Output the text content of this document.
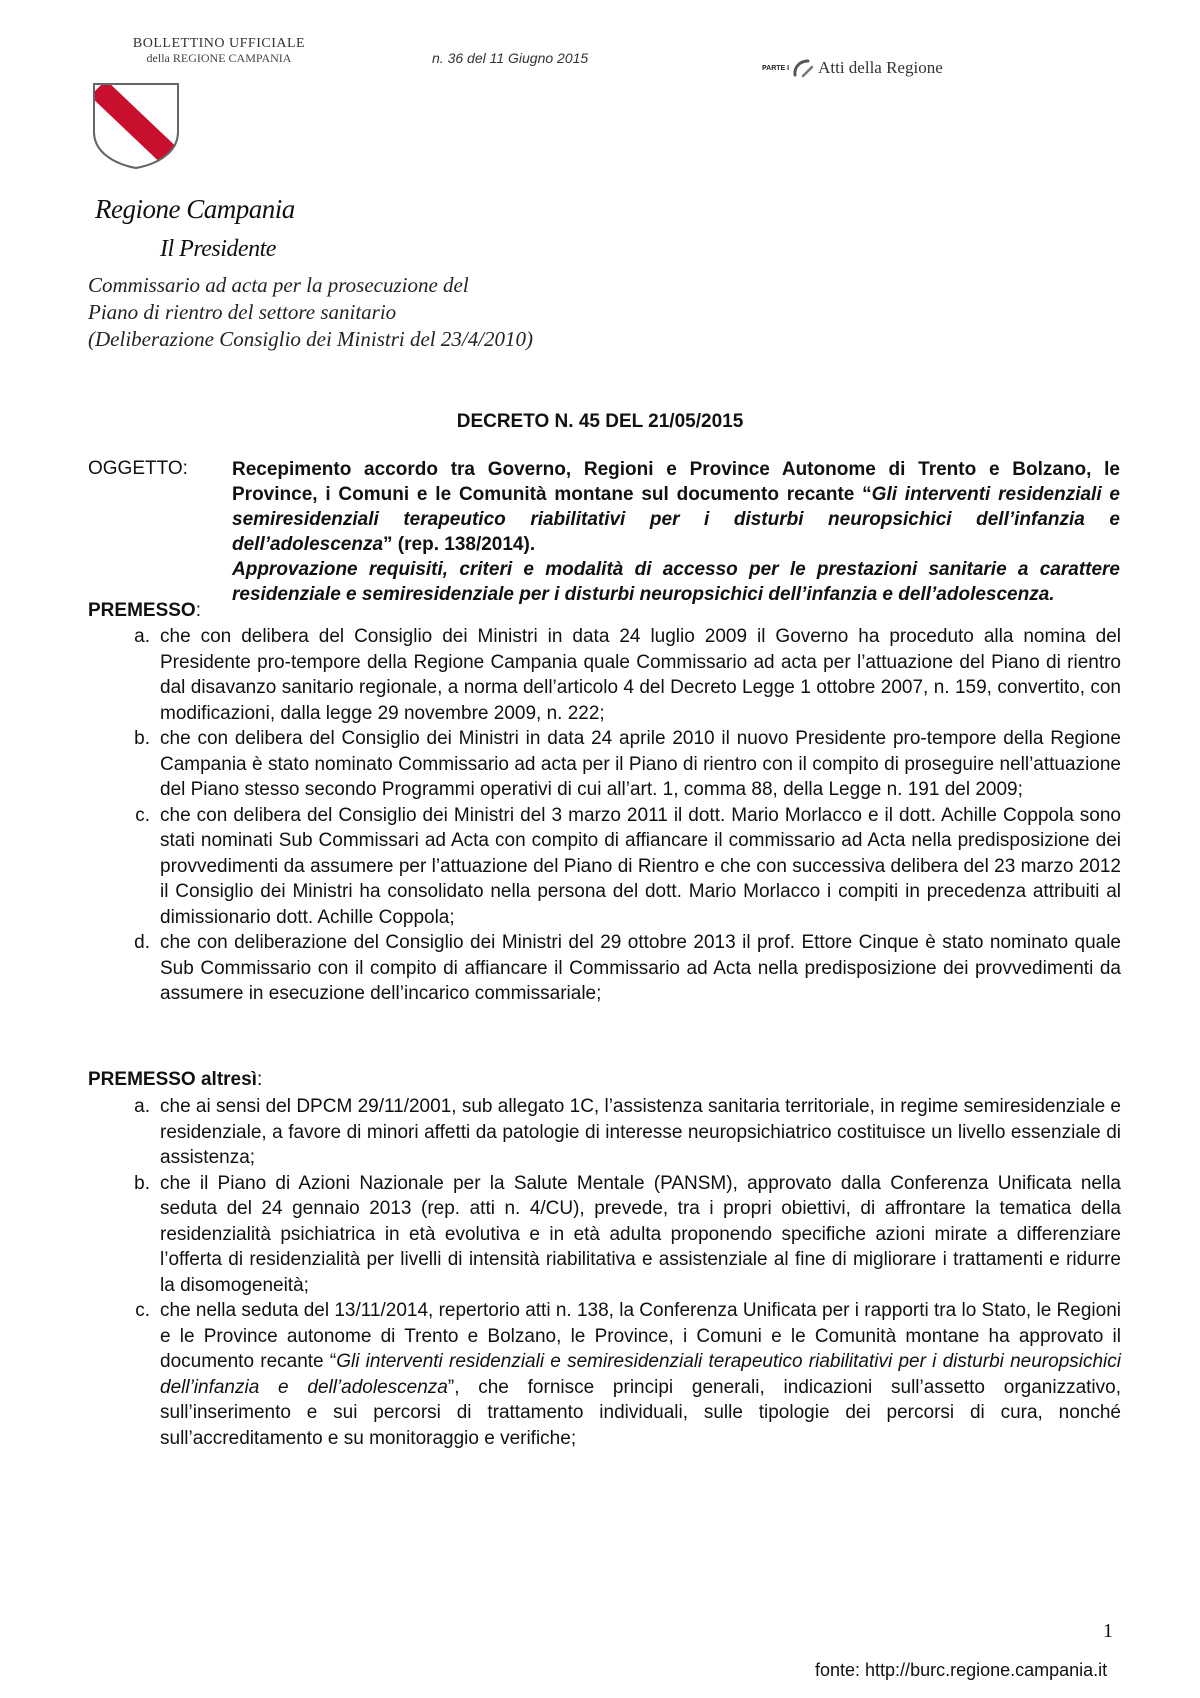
BOLLETTINO UFFICIALE
della REGIONE CAMPANIA	n. 36 del 11 Giugno 2015
PARTE I Atti della Regione
Regione Campania
Il Presidente
Commissario ad acta per la prosecuzione del
Piano di rientro del settore sanitario
(Deliberazione Consiglio dei Ministri del 23/4/2010)
DECRETO N. 45 DEL 21/05/2015
OGGETTO: Recepimento accordo tra Governo, Regioni e Province Autonome di Trento e Bolzano, le Province, i Comuni e le Comunità montane sul documento recante “Gli interventi residenziali e semiresidenziali terapeutico riabilitativi per i disturbi neuropsichici dell’infanzia e dell’adolescenza” (rep. 138/2014).

Approvazione requisiti, criteri e modalità di accesso per le prestazioni sanitarie a carattere residenziale e semiresidenziale per i disturbi neuropsichici dell’infanzia e dell’adolescenza.

PREMESSO:
a. che con delibera del Consiglio dei Ministri in data 24 luglio 2009 il Governo ha proceduto alla nomina del Presidente pro-tempore della Regione Campania quale Commissario ad acta per l’attuazione del Piano di rientro dal disavanzo sanitario regionale, a norma dell’articolo 4 del Decreto Legge 1 ottobre 2007, n. 159, convertito, con modificazioni, dalla legge 29 novembre 2009, n. 222;
b. che con delibera del Consiglio dei Ministri in data 24 aprile 2010 il nuovo Presidente pro-tempore della Regione Campania è stato nominato Commissario ad acta per il Piano di rientro con il compito di proseguire nell’attuazione del Piano stesso secondo Programmi operativi di cui all’art. 1, comma 88, della Legge n. 191 del 2009;
c. che con delibera del Consiglio dei Ministri del 3 marzo 2011 il dott. Mario Morlacco e il dott. Achille Coppola sono stati nominati Sub Commissari ad Acta con compito di affiancare il commissario ad Acta nella predisposizione dei provvedimenti da assumere per l’attuazione del Piano di Rientro e che con successiva delibera del 23 marzo 2012 il Consiglio dei Ministri ha consolidato nella persona del dott. Mario Morlacco i compiti in precedenza attribuiti al dimissionario dott. Achille Coppola;
d. che con deliberazione del Consiglio dei Ministri del 29 ottobre 2013 il prof. Ettore Cinque è stato nominato quale Sub Commissario con il compito di affiancare il Commissario ad Acta nella predisposizione dei provvedimenti da assumere in esecuzione dell’incarico commissariale;
PREMESSO altresì:
a. che ai sensi del DPCM 29/11/2001, sub allegato 1C, l’assistenza sanitaria territoriale, in regime semiresidenziale e residenziale, a favore di minori affetti da patologie di interesse neuropsichiatrico costituisce un livello essenziale di assistenza;
b. che il Piano di Azioni Nazionale per la Salute Mentale (PANSM), approvato dalla Conferenza Unificata nella seduta del 24 gennaio 2013 (rep. atti n. 4/CU), prevede, tra i propri obiettivi, di affrontare la tematica della residenzialità psichiatrica in età evolutiva e in età adulta proponendo specifiche azioni mirate a differenziare l’offerta di residenzialità per livelli di intensità riabilitativa e assistenziale al fine di migliorare i trattamenti e ridurre la disomogeneità;
c. che nella seduta del 13/11/2014, repertorio atti n. 138, la Conferenza Unificata per i rapporti tra lo Stato, le Regioni e le Province autonome di Trento e Bolzano, le Province, i Comuni e le Comunità montane ha approvato il documento recante “Gli interventi residenziali e semiresidenziali terapeutico riabilitativi per i disturbi neuropsichici dell’infanzia e dell’adolescenza”, che fornisce principi generali, indicazioni sull’assetto organizzativo, sull’inserimento e sui percorsi di trattamento individuali, sulle tipologie dei percorsi di cura, nonché sull’accreditamento e su monitoraggio e verifiche;
1
fonte: http://burc.regione.campania.it
